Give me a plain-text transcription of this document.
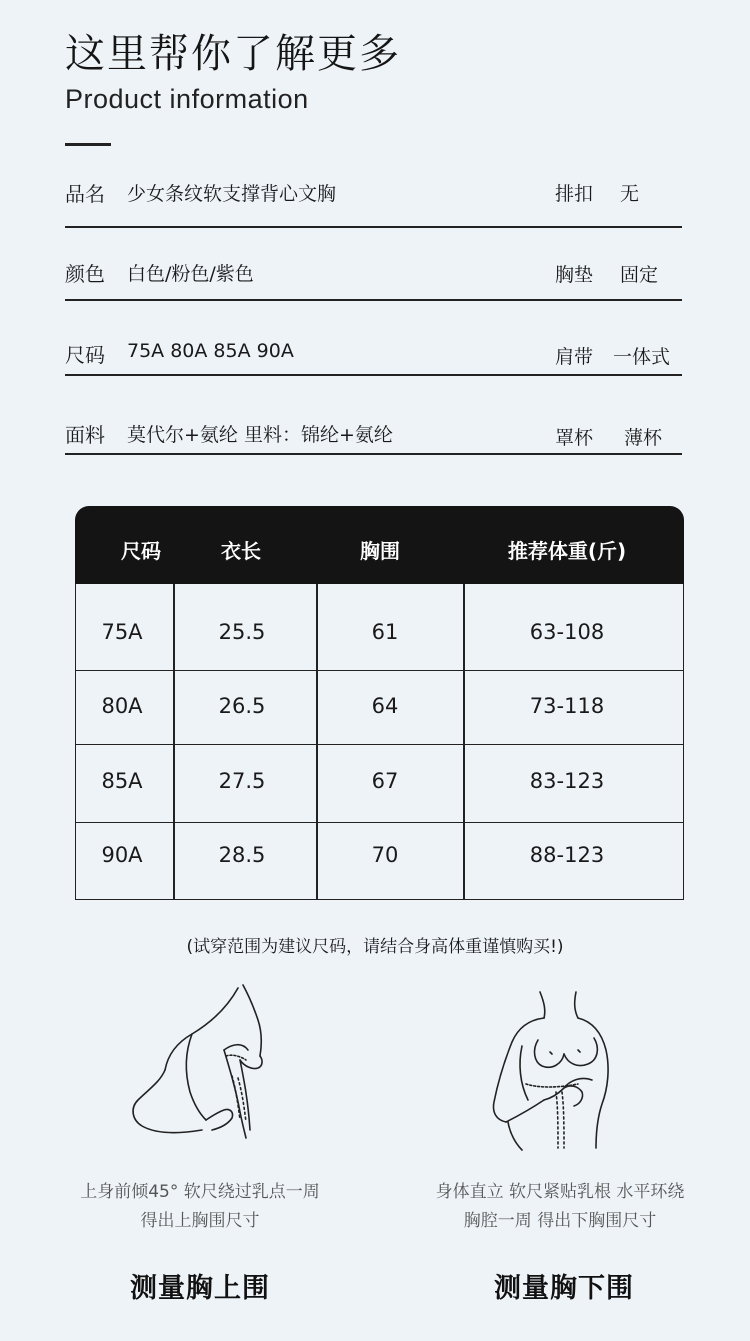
这里帮你了解更多
Product information
品名 少女条纹软支撑背心文胸	排扣 无
颜色 白色/粉色/紫色	胸垫 固定
尺码 75A 80A 85A 90A	肩带 一体式
面料 莫代尔+氨纶 里料：锦纶+氨纶	罩杯 薄杯
尺码	衣长	胸围	推荐体重(斤)
75A	25.5	61	63-108
80A	26.5	64	73-118
85A	27.5	67	83-123
90A	28.5	70	88-123
(试穿范围为建议尺码，请结合身高体重谨慎购买!)
上身前倾45° 软尺绕过乳点一周
得出上胸围尺寸
身体直立 软尺紧贴乳根 水平环绕
胸腔一周 得出下胸围尺寸
测量胸上围	测量胸下围
